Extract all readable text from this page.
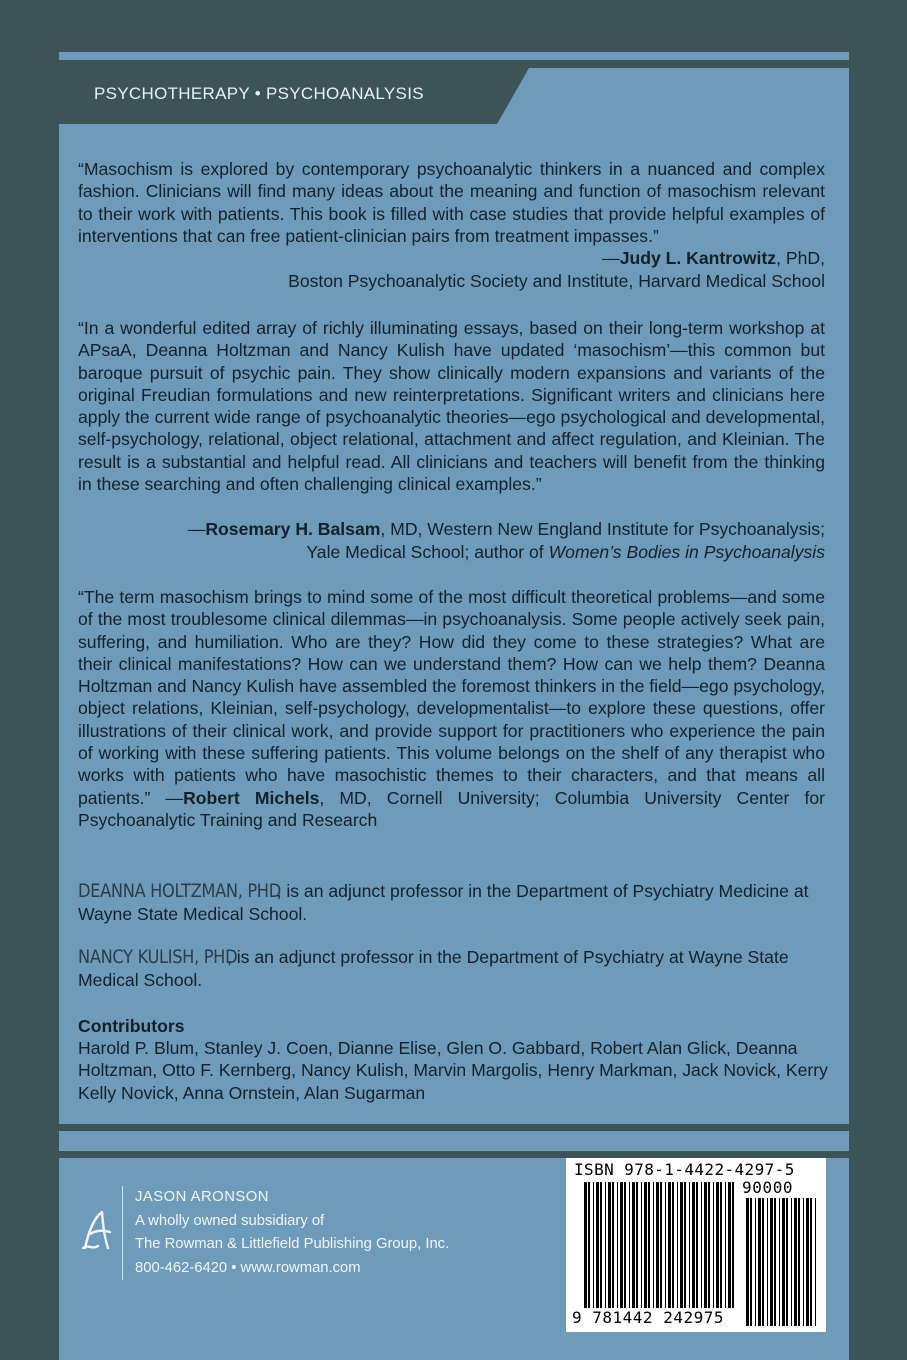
PSYCHOTHERAPY • PSYCHOANALYSIS
“Masochism is explored by contemporary psychoanalytic thinkers in a nuanced and complex fashion. Clinicians will find many ideas about the meaning and function of masochism relevant to their work with patients. This book is filled with case studies that provide helpful examples of interventions that can free patient-clinician pairs from treatment impasses.”
—Judy L. Kantrowitz, PhD,
Boston Psychoanalytic Society and Institute, Harvard Medical School
“In a wonderful edited array of richly illuminating essays, based on their long-term workshop at APsaA, Deanna Holtzman and Nancy Kulish have updated ‘masochism’—this common but baroque pursuit of psychic pain. They show clinically modern expansions and variants of the original Freudian formulations and new reinterpretations. Significant writers and clinicians here apply the current wide range of psychoanalytic theories—ego psychological and developmental, self-psychology, relational, object relational, attachment and affect regulation, and Kleinian. The result is a substantial and helpful read. All clinicians and teachers will benefit from the thinking in these searching and often challenging clinical examples.”
—Rosemary H. Balsam, MD, Western New England Institute for Psychoanalysis;
Yale Medical School; author of Women’s Bodies in Psychoanalysis
“The term masochism brings to mind some of the most difficult theoretical problems—and some of the most troublesome clinical dilemmas—in psychoanalysis. Some people actively seek pain, suffering, and humiliation. Who are they? How did they come to these strategies? What are their clinical manifestations? How can we understand them? How can we help them? Deanna Holtzman and Nancy Kulish have assembled the foremost thinkers in the field—ego psychology, object relations, Kleinian, self-psychology, developmentalist—to explore these questions, offer illustrations of their clinical work, and provide support for practitioners who experience the pain of working with these suffering patients. This volume belongs on the shelf of any therapist who works with patients who have masochistic themes to their characters, and that means all patients.” —Robert Michels, MD, Cornell University; Columbia University Center for Psychoanalytic Training and Research
DEANNA HOLTZMAN, PHD, is an adjunct professor in the Department of Psychiatry Medicine at Wayne State Medical School.
NANCY KULISH, PHD, is an adjunct professor in the Department of Psychiatry at Wayne State Medical School.
Contributors
Harold P. Blum, Stanley J. Coen, Dianne Elise, Glen O. Gabbard, Robert Alan Glick, Deanna Holtzman, Otto F. Kernberg, Nancy Kulish, Marvin Margolis, Henry Markman, Jack Novick, Kerry Kelly Novick, Anna Ornstein, Alan Sugarman
JASON ARONSON
A wholly owned subsidiary of
The Rowman & Littlefield Publishing Group, Inc.
800-462-6420 • www.rowman.com
ISBN 978-1-4422-4297-5
90000
9 781442 242975
